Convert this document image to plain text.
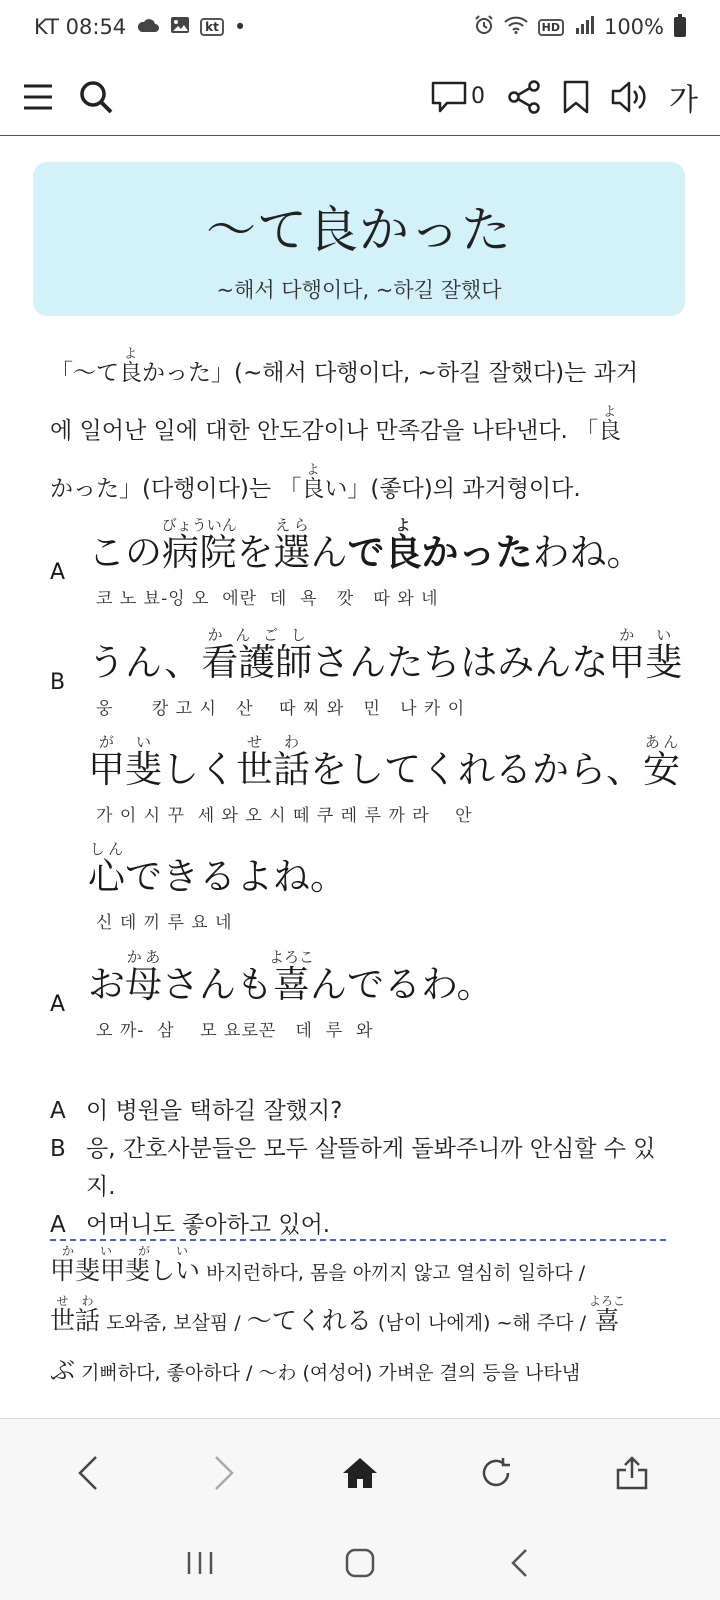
KT 08:54	kt •	HD 100%
0	가
～て良かった
~해서 다행이다, ~하길 잘했다
「～て良よかった」(~해서 다행이다, ~하길 잘했다)는 과거
에 일어난 일에 대한 안도감이나 만족감을 나타낸다. 「良よ
かった」(다행이다)는 「良よい」(좋다)의 과거형이다.
A この病院びょういんを選えらんで良よかったわね。
코 노 뵤-잉 오  에란  데  욕   깟   따 와 네
B うん、看護師かんごしさんたちはみんな甲斐かい
웅      캉 고 시   산    따 찌 와   민   나 카 이
甲斐がいしく世話せわをしてくれるから、安あん
가 이 시 꾸  세 와 오 시 떼 쿠 레 루 까 라    안
心しんできるよね。
신 데 끼 루 요 네
A お母かあさんも喜よろこんでるわ。
오 까-  삼    모 요로꼰   데  루  와
A 이 병원을 택하길 잘했지?
B 응, 간호사분들은 모두 살뜰하게 돌봐주니까 안심할 수 있지.
A 어머니도 좋아하고 있어.
甲斐甲斐しいかいがい 바지런하다, 몸을 아끼지 않고 열심히 일하다 /
世話せわ 도와줌, 보살핌 / ～てくれる (남이 나에게) ~해 주다 / 喜よろこ
ぶ 기뻐하다, 좋아하다 / ～わ (여성어) 가벼운 결의 등을 나타냄
